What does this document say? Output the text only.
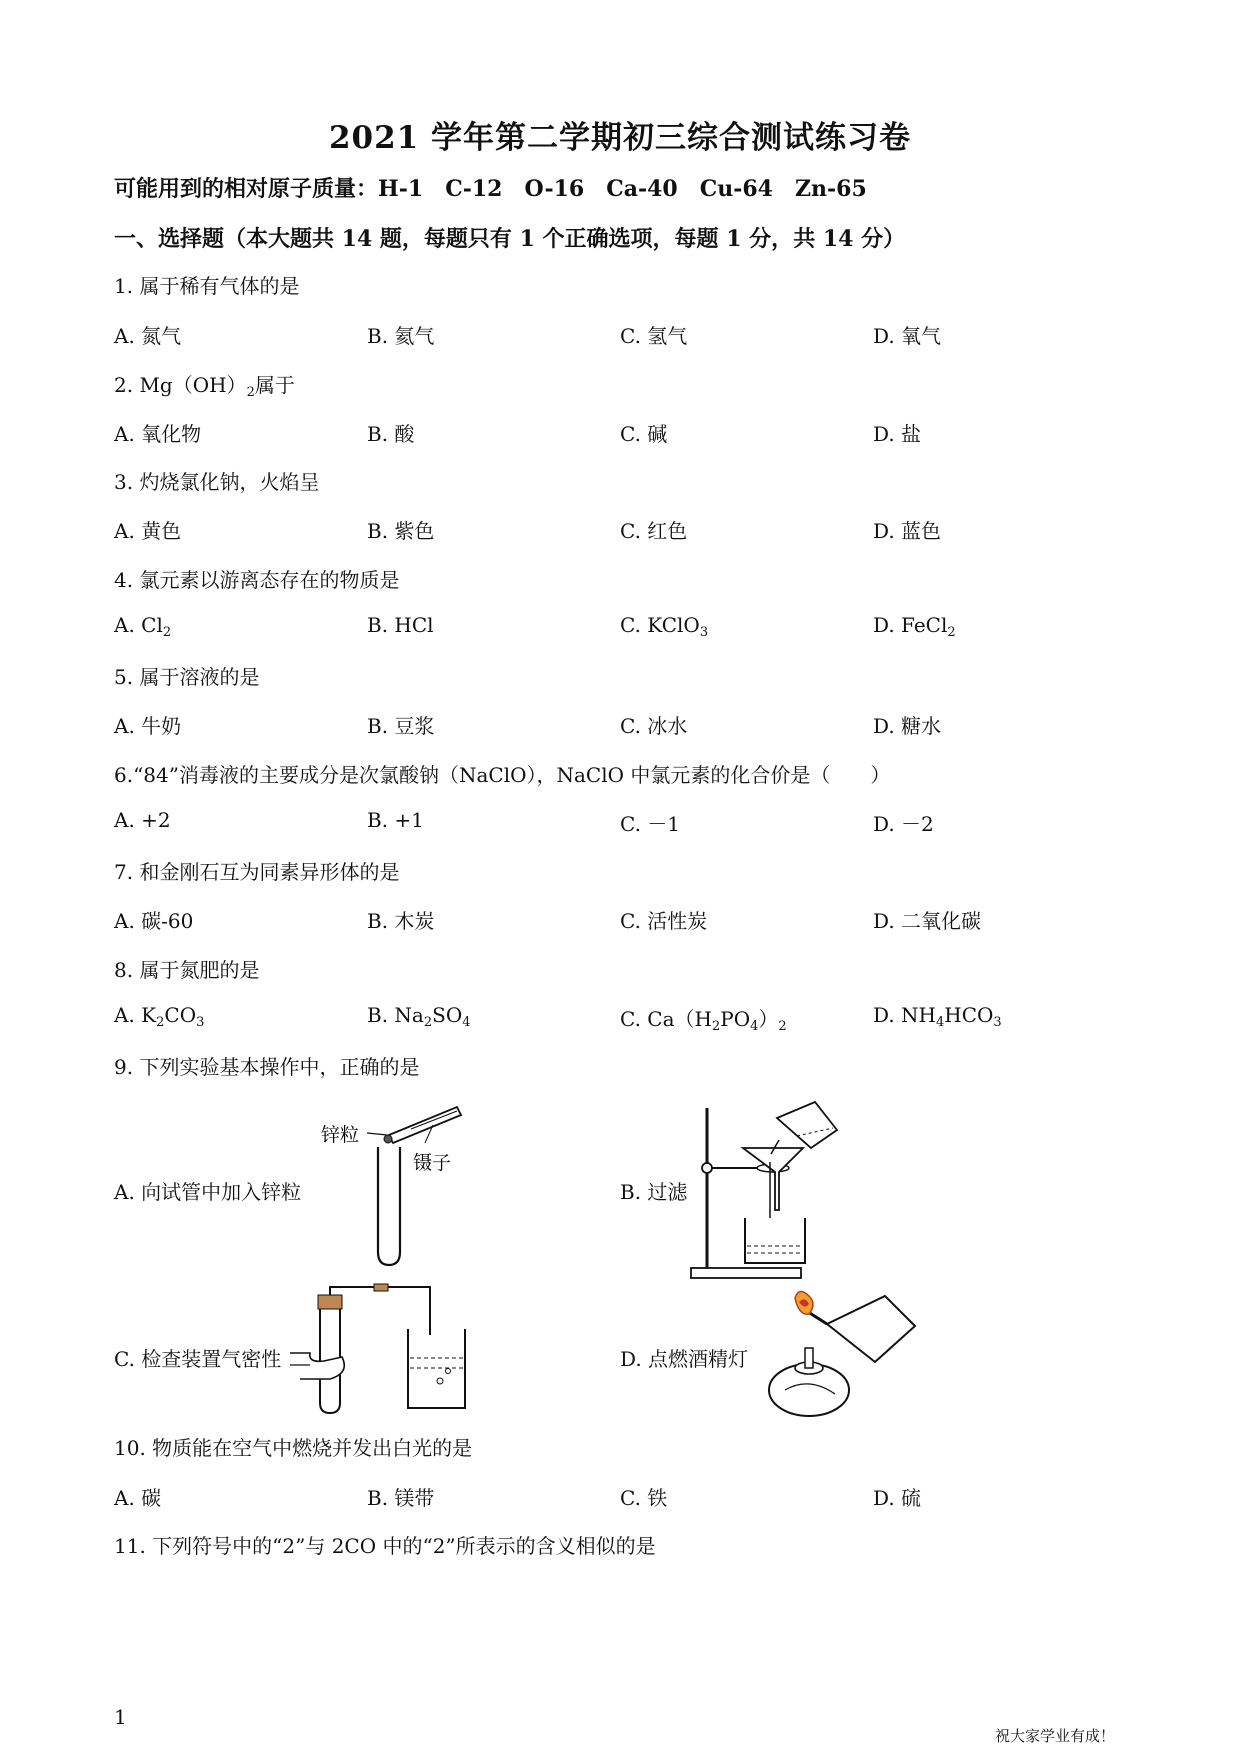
2021 学年第二学期初三综合测试练习卷
可能用到的相对原子质量：H-1　C-12　O-16　Ca-40　Cu-64　Zn-65
一、选择题（本大题共 14 题，每题只有 1 个正确选项，每题 1 分，共 14 分）
1. 属于稀有气体的是
A. 氮气	B. 氦气	C. 氢气	D. 氧气
2. $Mg(OH)_2$属于
A. 氧化物	B. 酸	C. 碱	D. 盐
3. 灼烧氯化钠，火焰呈
A. 黄色	B. 紫色	C. 红色	D. 蓝色
4. 氯元素以游离态存在的物质是
A. $Cl_2$	B. HCl	C. KClO$_3$	D. FeCl$_2$
5. 属于溶液的是
A. 牛奶	B. 豆浆	C. 冰水	D. 糖水
6.“84”消毒液的主要成分是次氯酸钠（NaClO），NaClO 中氯元素的化合价是（　　）
A. +2	B. +1	C. －1	D. －2
7. 和金刚石互为同素异形体的是
A. 碳-60	B. 木炭	C. 活性炭	D. 二氧化碳
8. 属于氮肥的是
A. $K_2CO_3$	B. $Na_2SO_4$	C. $Ca(H_2PO_4)_2$	D. $NH_4HCO_3$
9. 下列实验基本操作中，正确的是
A. 向试管中加入锌粒	B. 过滤
C. 检查装置气密性	D. 点燃酒精灯
锌粒
镊子
10. 物质能在空气中燃烧并发出白光的是
A. 碳	B. 镁带	C. 铁	D. 硫
11. 下列符号中的“2”与 2CO 中的“2”所表示的含义相似的是
1
祝大家学业有成！
